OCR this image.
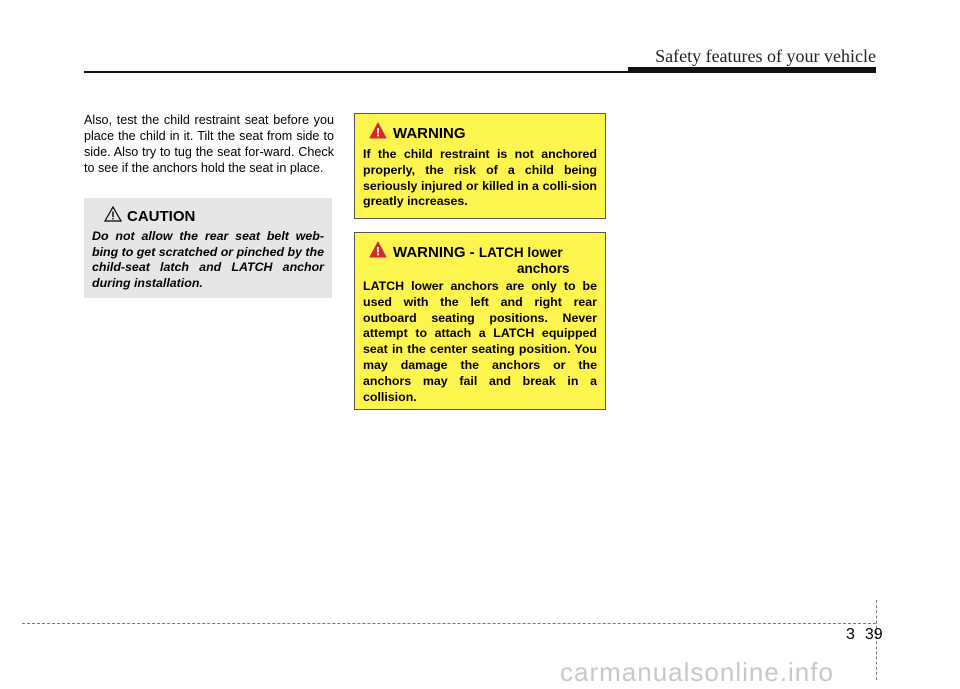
Safety features of your vehicle

Also, test the child restraint seat before you place the child in it. Tilt the seat from side to side. Also try to tug the seat for-ward. Check to see if the anchors hold the seat in place.

CAUTION
Do not allow the rear seat belt web-bing to get scratched or pinched by the child-seat latch and LATCH anchor during installation.
WARNING
If the child restraint is not anchored properly, the risk of a child being seriously injured or killed in a colli-sion greatly increases.
WARNING - LATCH lower
anchors
LATCH lower anchors are only to be used with the left and right rear outboard seating positions. Never attempt to attach a LATCH equipped seat in the center seating position. You may damage the anchors or the anchors may fail and break in a collision.
3 39
carmanualsonline.info
